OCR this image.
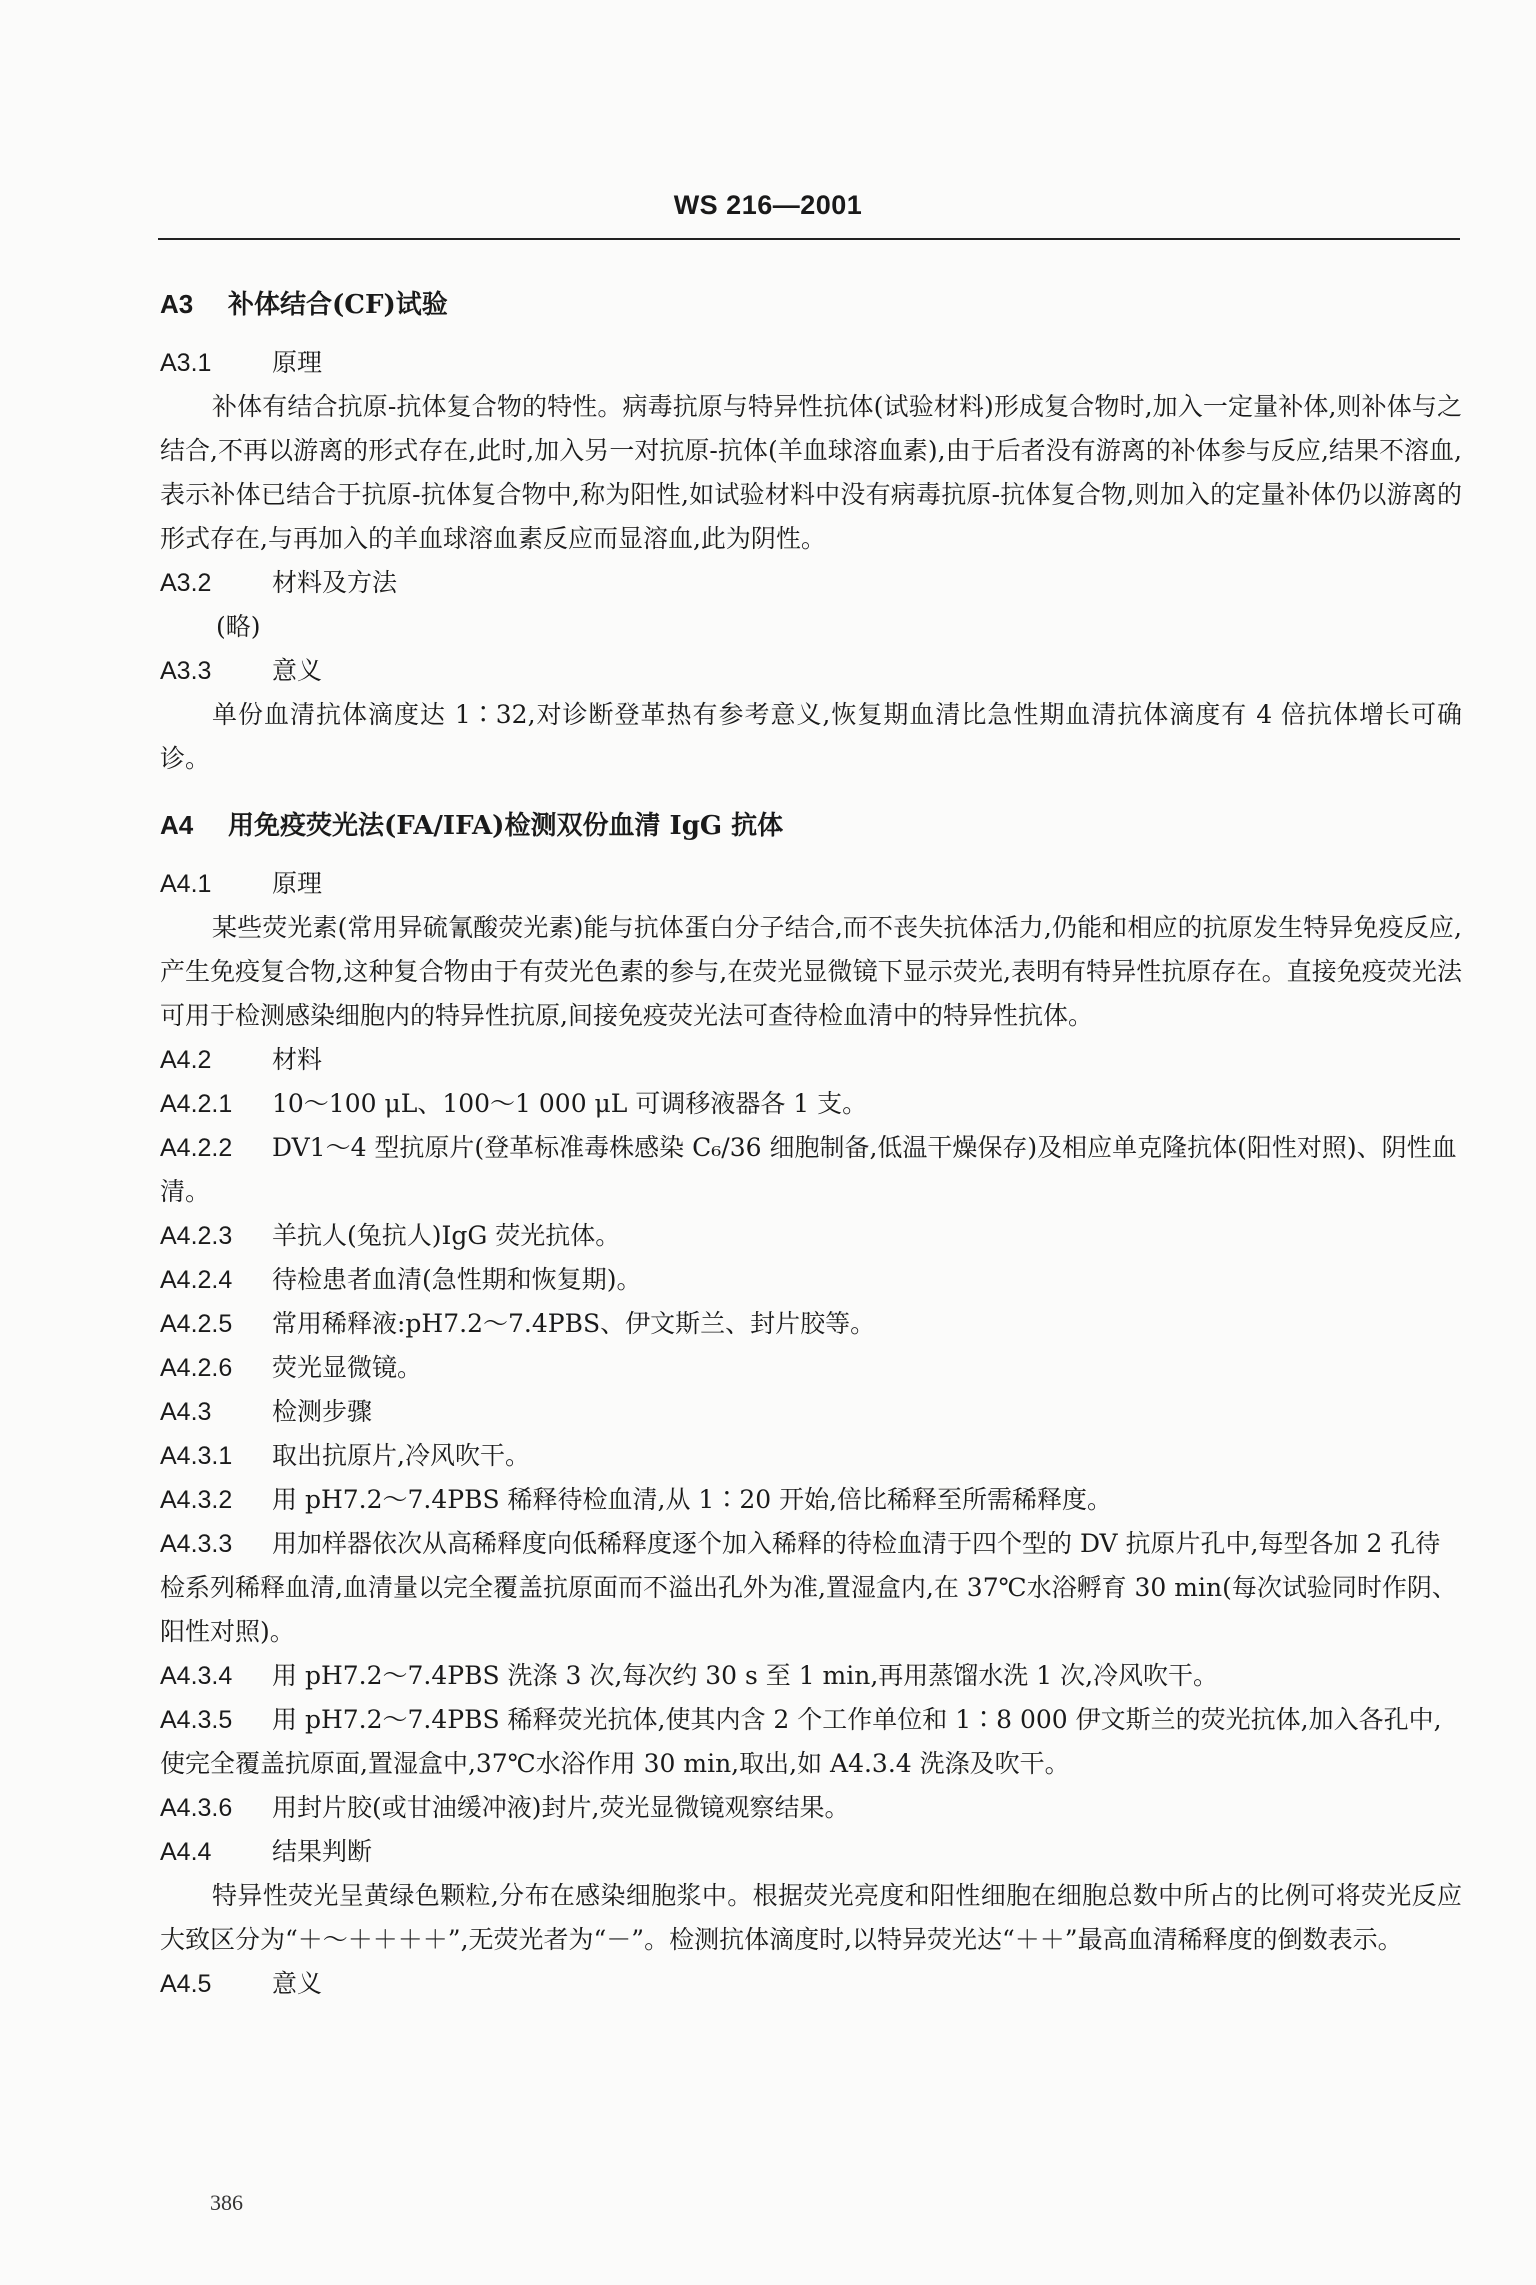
WS 216—2001

A3 补体结合(CF)试验

A3.1 原理

补体有结合抗原-抗体复合物的特性。病毒抗原与特异性抗体(试验材料)形成复合物时,加入一定量补体,则补体与之结合,不再以游离的形式存在,此时,加入另一对抗原-抗体(羊血球溶血素),由于后者没有游离的补体参与反应,结果不溶血,表示补体已结合于抗原-抗体复合物中,称为阳性,如试验材料中没有病毒抗原-抗体复合物,则加入的定量补体仍以游离的形式存在,与再加入的羊血球溶血素反应而显溶血,此为阴性。

A3.2 材料及方法

(略)

A3.3 意义

单份血清抗体滴度达 1∶32,对诊断登革热有参考意义,恢复期血清比急性期血清抗体滴度有 4 倍抗体增长可确诊。

A4 用免疫荧光法(FA/IFA)检测双份血清 IgG 抗体

A4.1 原理

某些荧光素(常用异硫氰酸荧光素)能与抗体蛋白分子结合,而不丧失抗体活力,仍能和相应的抗原发生特异免疫反应,产生免疫复合物,这种复合物由于有荧光色素的参与,在荧光显微镜下显示荧光,表明有特异性抗原存在。直接免疫荧光法可用于检测感染细胞内的特异性抗原,间接免疫荧光法可查待检血清中的特异性抗体。

A4.2 材料

A4.2.1 10～100 μL、100～1 000 μL 可调移液器各 1 支。

A4.2.2 DV1～4 型抗原片(登革标准毒株感染 C₆/36 细胞制备,低温干燥保存)及相应单克隆抗体(阳性对照)、阴性血清。

A4.2.3 羊抗人(兔抗人)IgG 荧光抗体。

A4.2.4 待检患者血清(急性期和恢复期)。

A4.2.5 常用稀释液:pH7.2～7.4PBS、伊文斯兰、封片胶等。

A4.2.6 荧光显微镜。

A4.3 检测步骤

A4.3.1 取出抗原片,冷风吹干。

A4.3.2 用 pH7.2～7.4PBS 稀释待检血清,从 1∶20 开始,倍比稀释至所需稀释度。

A4.3.3 用加样器依次从高稀释度向低稀释度逐个加入稀释的待检血清于四个型的 DV 抗原片孔中,每型各加 2 孔待检系列稀释血清,血清量以完全覆盖抗原面而不溢出孔外为准,置湿盒内,在 37℃水浴孵育 30 min(每次试验同时作阴、阳性对照)。

A4.3.4 用 pH7.2～7.4PBS 洗涤 3 次,每次约 30 s 至 1 min,再用蒸馏水洗 1 次,冷风吹干。

A4.3.5 用 pH7.2～7.4PBS 稀释荧光抗体,使其内含 2 个工作单位和 1∶8 000 伊文斯兰的荧光抗体,加入各孔中,使完全覆盖抗原面,置湿盒中,37℃水浴作用 30 min,取出,如 A4.3.4 洗涤及吹干。

A4.3.6 用封片胶(或甘油缓冲液)封片,荧光显微镜观察结果。

A4.4 结果判断

特异性荧光呈黄绿色颗粒,分布在感染细胞浆中。根据荧光亮度和阳性细胞在细胞总数中所占的比例可将荧光反应大致区分为“＋～＋＋＋＋”,无荧光者为“－”。检测抗体滴度时,以特异荧光达“＋＋”最高血清稀释度的倒数表示。

A4.5 意义

386
